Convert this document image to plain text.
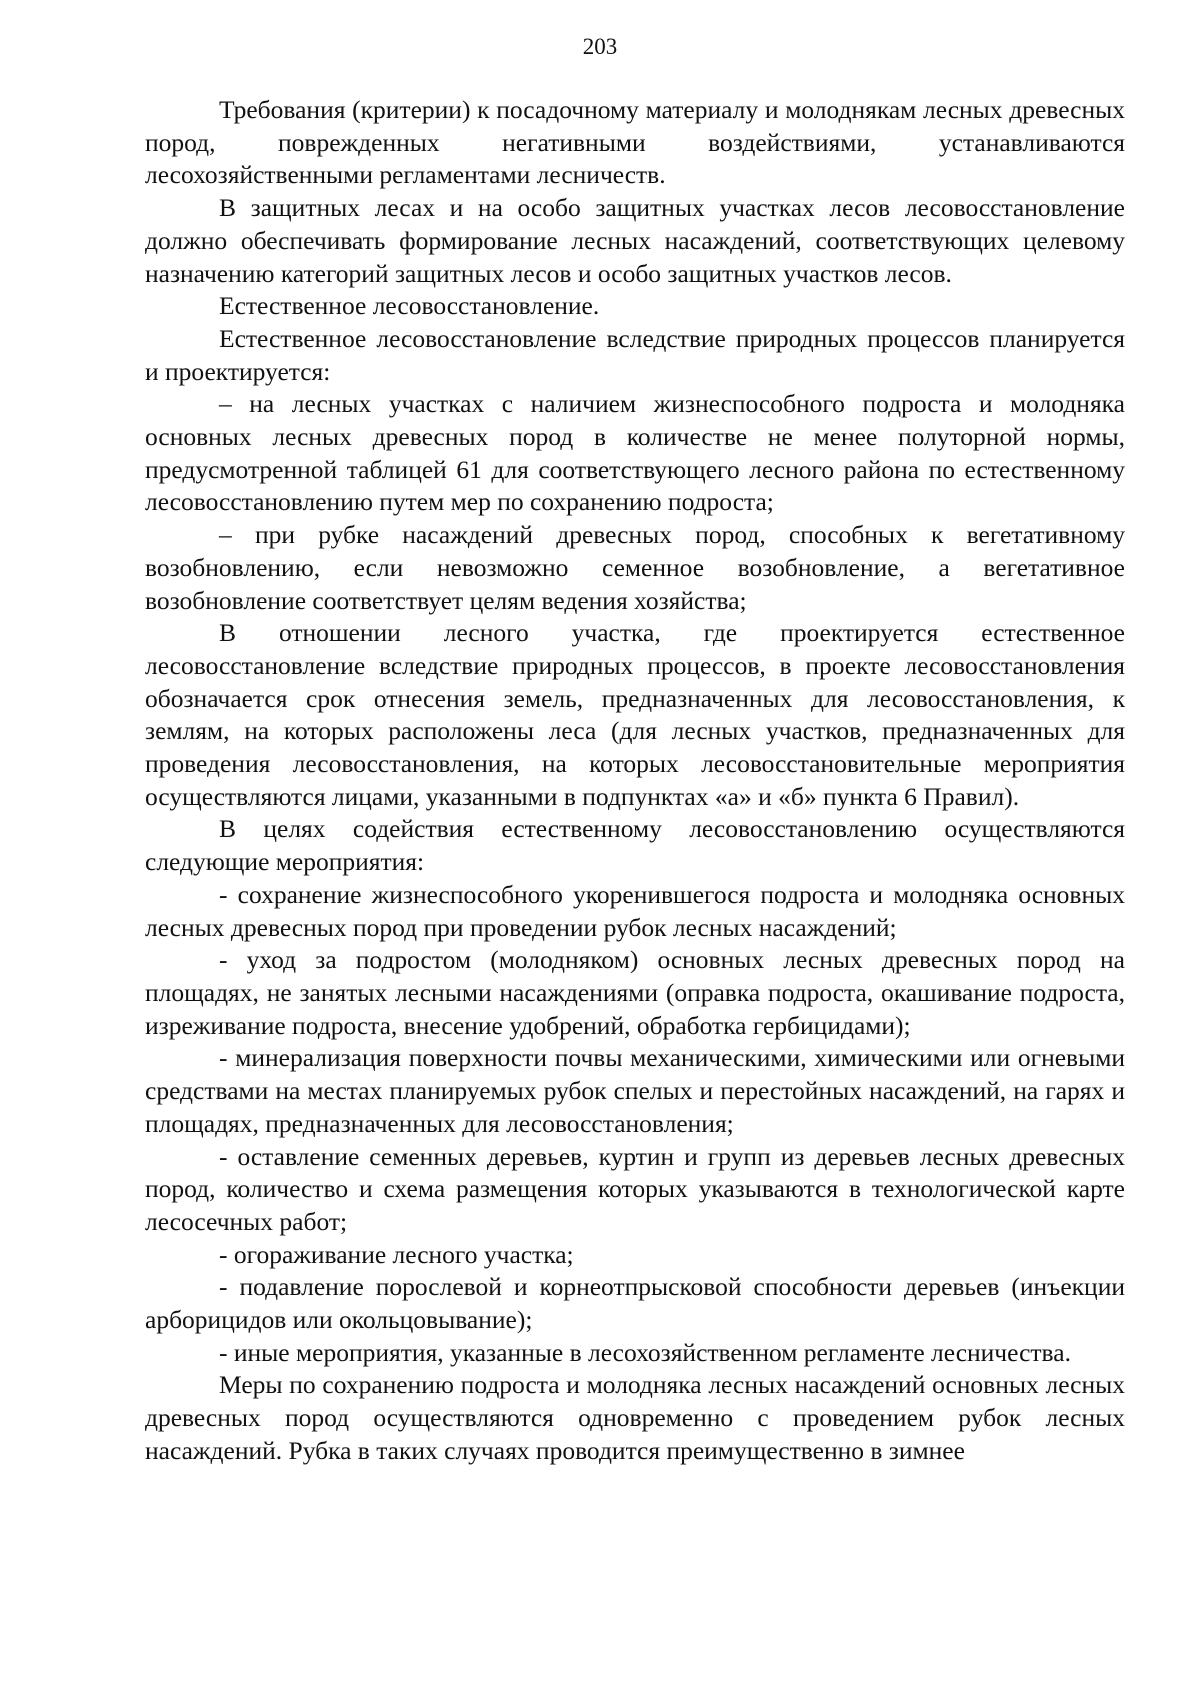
203

Требования (критерии) к посадочному материалу и молоднякам лесных древесных пород, поврежденных негативными воздействиями, устанавливаются лесохозяйственными регламентами лесничеств.

В защитных лесах и на особо защитных участках лесов лесовосстановление должно обеспечивать формирование лесных насаждений, соответствующих целевому назначению категорий защитных лесов и особо защитных участков лесов.

Естественное лесовосстановление.

Естественное лесовосстановление вследствие природных процессов планируется и проектируется:

– на лесных участках с наличием жизнеспособного подроста и молодняка основных лесных древесных пород в количестве не менее полуторной нормы, предусмотренной таблицей 61 для соответствующего лесного района по естественному лесовосстановлению путем мер по сохранению подроста;

– при рубке насаждений древесных пород, способных к вегетативному возобновлению, если невозможно семенное возобновление, а вегетативное возобновление соответствует целям ведения хозяйства;

В отношении лесного участка, где проектируется естественное лесовосстановление вследствие природных процессов, в проекте лесовосстановления обозначается срок отнесения земель, предназначенных для лесовосстановления, к землям, на которых расположены леса (для лесных участков, предназначенных для проведения лесовосстановления, на которых лесовосстановительные мероприятия осуществляются лицами, указанными в подпунктах «а» и «б» пункта 6 Правил).

В целях содействия естественному лесовосстановлению осуществляются следующие мероприятия:

- сохранение жизнеспособного укоренившегося подроста и молодняка основных лесных древесных пород при проведении рубок лесных насаждений;

- уход за подростом (молодняком) основных лесных древесных пород на площадях, не занятых лесными насаждениями (оправка подроста, окашивание подроста, изреживание подроста, внесение удобрений, обработка гербицидами);

- минерализация поверхности почвы механическими, химическими или огневыми средствами на местах планируемых рубок спелых и перестойных насаждений, на гарях и площадях, предназначенных для лесовосстановления;

- оставление семенных деревьев, куртин и групп из деревьев лесных древесных пород, количество и схема размещения которых указываются в технологической карте лесосечных работ;

- огораживание лесного участка;

- подавление порослевой и корнеотпрысковой способности деревьев (инъекции арборицидов или окольцовывание);

- иные мероприятия, указанные в лесохозяйственном регламенте лесничества.

Меры по сохранению подроста и молодняка лесных насаждений основных лесных древесных пород осуществляются одновременно с проведением рубок лесных насаждений. Рубка в таких случаях проводится преимущественно в зимнее
